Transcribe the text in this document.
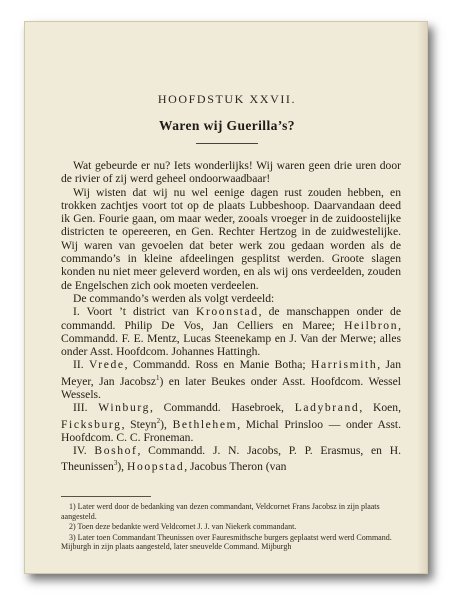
HOOFDSTUK XXVII.
Waren wij Guerilla’s?

Wat gebeurde er nu? Iets wonderlijks! Wij waren geen drie uren door de rivier of zij werd geheel ondoorwaadbaar!

Wij wisten dat wij nu wel eenige dagen rust zouden hebben, en trokken zachtjes voort tot op de plaats Lubbeshoop. Daarvandaan deed ik Gen. Fourie gaan, om maar weder, zooals vroeger in de zuidoostelijke districten te opereeren, en Gen. Rechter Hertzog in de zuidwestelijke. Wij waren van gevoelen dat beter werk zou gedaan worden als de commando’s in kleine afdeelingen gesplitst werden. Groote slagen konden nu niet meer geleverd worden, en als wij ons verdeelden, zouden de Engelschen zich ook moeten verdeelen.

De commando’s werden als volgt verdeeld:

I. Voort ’t district van Kroonstad, de manschappen onder de commandd. Philip De Vos, Jan Celliers en Maree; Heilbron, Commandd. F. E. Mentz, Lucas Steenekamp en J. Van der Merwe; alles onder Asst. Hoofdcom. Johannes Hattingh.

II. Vrede, Commandd. Ross en Manie Botha; Harrismith, Jan Meyer, Jan Jacobsz$^1$) en later Beukes onder Asst. Hoofdcom. Wessel Wessels.

III. Winburg, Commandd. Hasebroek, Ladybrand, Koen, Ficksburg, Steyn$^2$), Bethlehem, Michal Prinsloo — onder Asst. Hoofdcom. C. C. Froneman.

IV. Boshof, Commandd. J. N. Jacobs, P. P. Erasmus, en H. Theunissen$^3$), Hoopstad, Jacobus Theron (van

1) Later werd door de bedanking van dezen commandant, Veldcornet Frans Jacobsz in zijn plaats aangesteld.

2) Toen deze bedankte werd Veldcornet J. J. van Niekerk commandant.

3) Later toen Commandant Theunissen over Fauresmithsche burgers geplaatst werd werd Command. Mijburgh in zijn plaats aangesteld, later sneuvelde Command. Mijburgh
